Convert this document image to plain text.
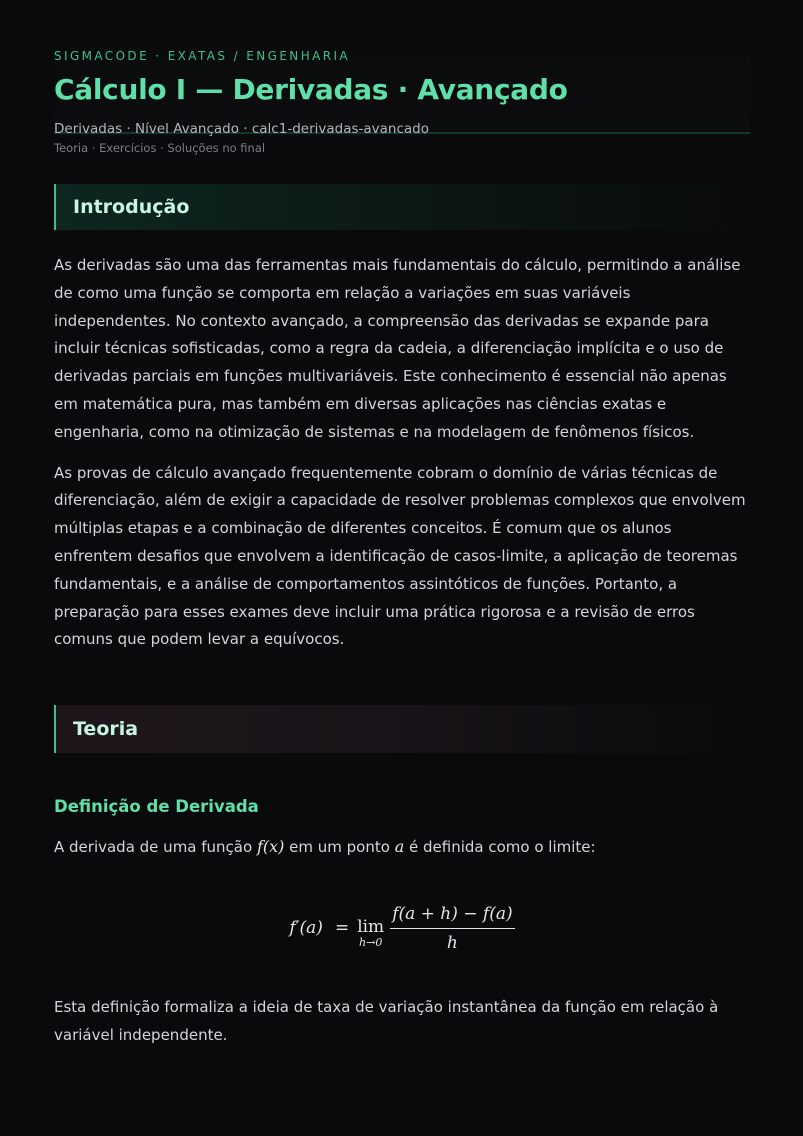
SIGMACODE · EXATAS / ENGENHARIA
Cálculo I — Derivadas · Avançado
Derivadas · Nível Avançado · calc1-derivadas-avancado
Teoria · Exercícios · Soluções no final
Introdução

As derivadas são uma das ferramentas mais fundamentais do cálculo, permitindo a análise de como uma função se comporta em relação a variações em suas variáveis independentes. No contexto avançado, a compreensão das derivadas se expande para incluir técnicas sofisticadas, como a regra da cadeia, a diferenciação implícita e o uso de derivadas parciais em funções multivariáveis. Este conhecimento é essencial não apenas em matemática pura, mas também em diversas aplicações nas ciências exatas e engenharia, como na otimização de sistemas e na modelagem de fenômenos físicos.

As provas de cálculo avançado frequentemente cobram o domínio de várias técnicas de diferenciação, além de exigir a capacidade de resolver problemas complexos que envolvem múltiplas etapas e a combinação de diferentes conceitos. É comum que os alunos enfrentem desafios que envolvem a identificação de casos-limite, a aplicação de teoremas fundamentais, e a análise de comportamentos assintóticos de funções. Portanto, a preparação para esses exames deve incluir uma prática rigorosa e a revisão de erros comuns que podem levar a equívocos.

Teoria
Definição de Derivada
A derivada de uma função f(x) em um ponto a é definida como o limite:
f′(a) = lim
$h\to 0 \frac{f(a + h) - f(a)}{h}$

Esta definição formaliza a ideia de taxa de variação instantânea da função em relação à variável independente.
